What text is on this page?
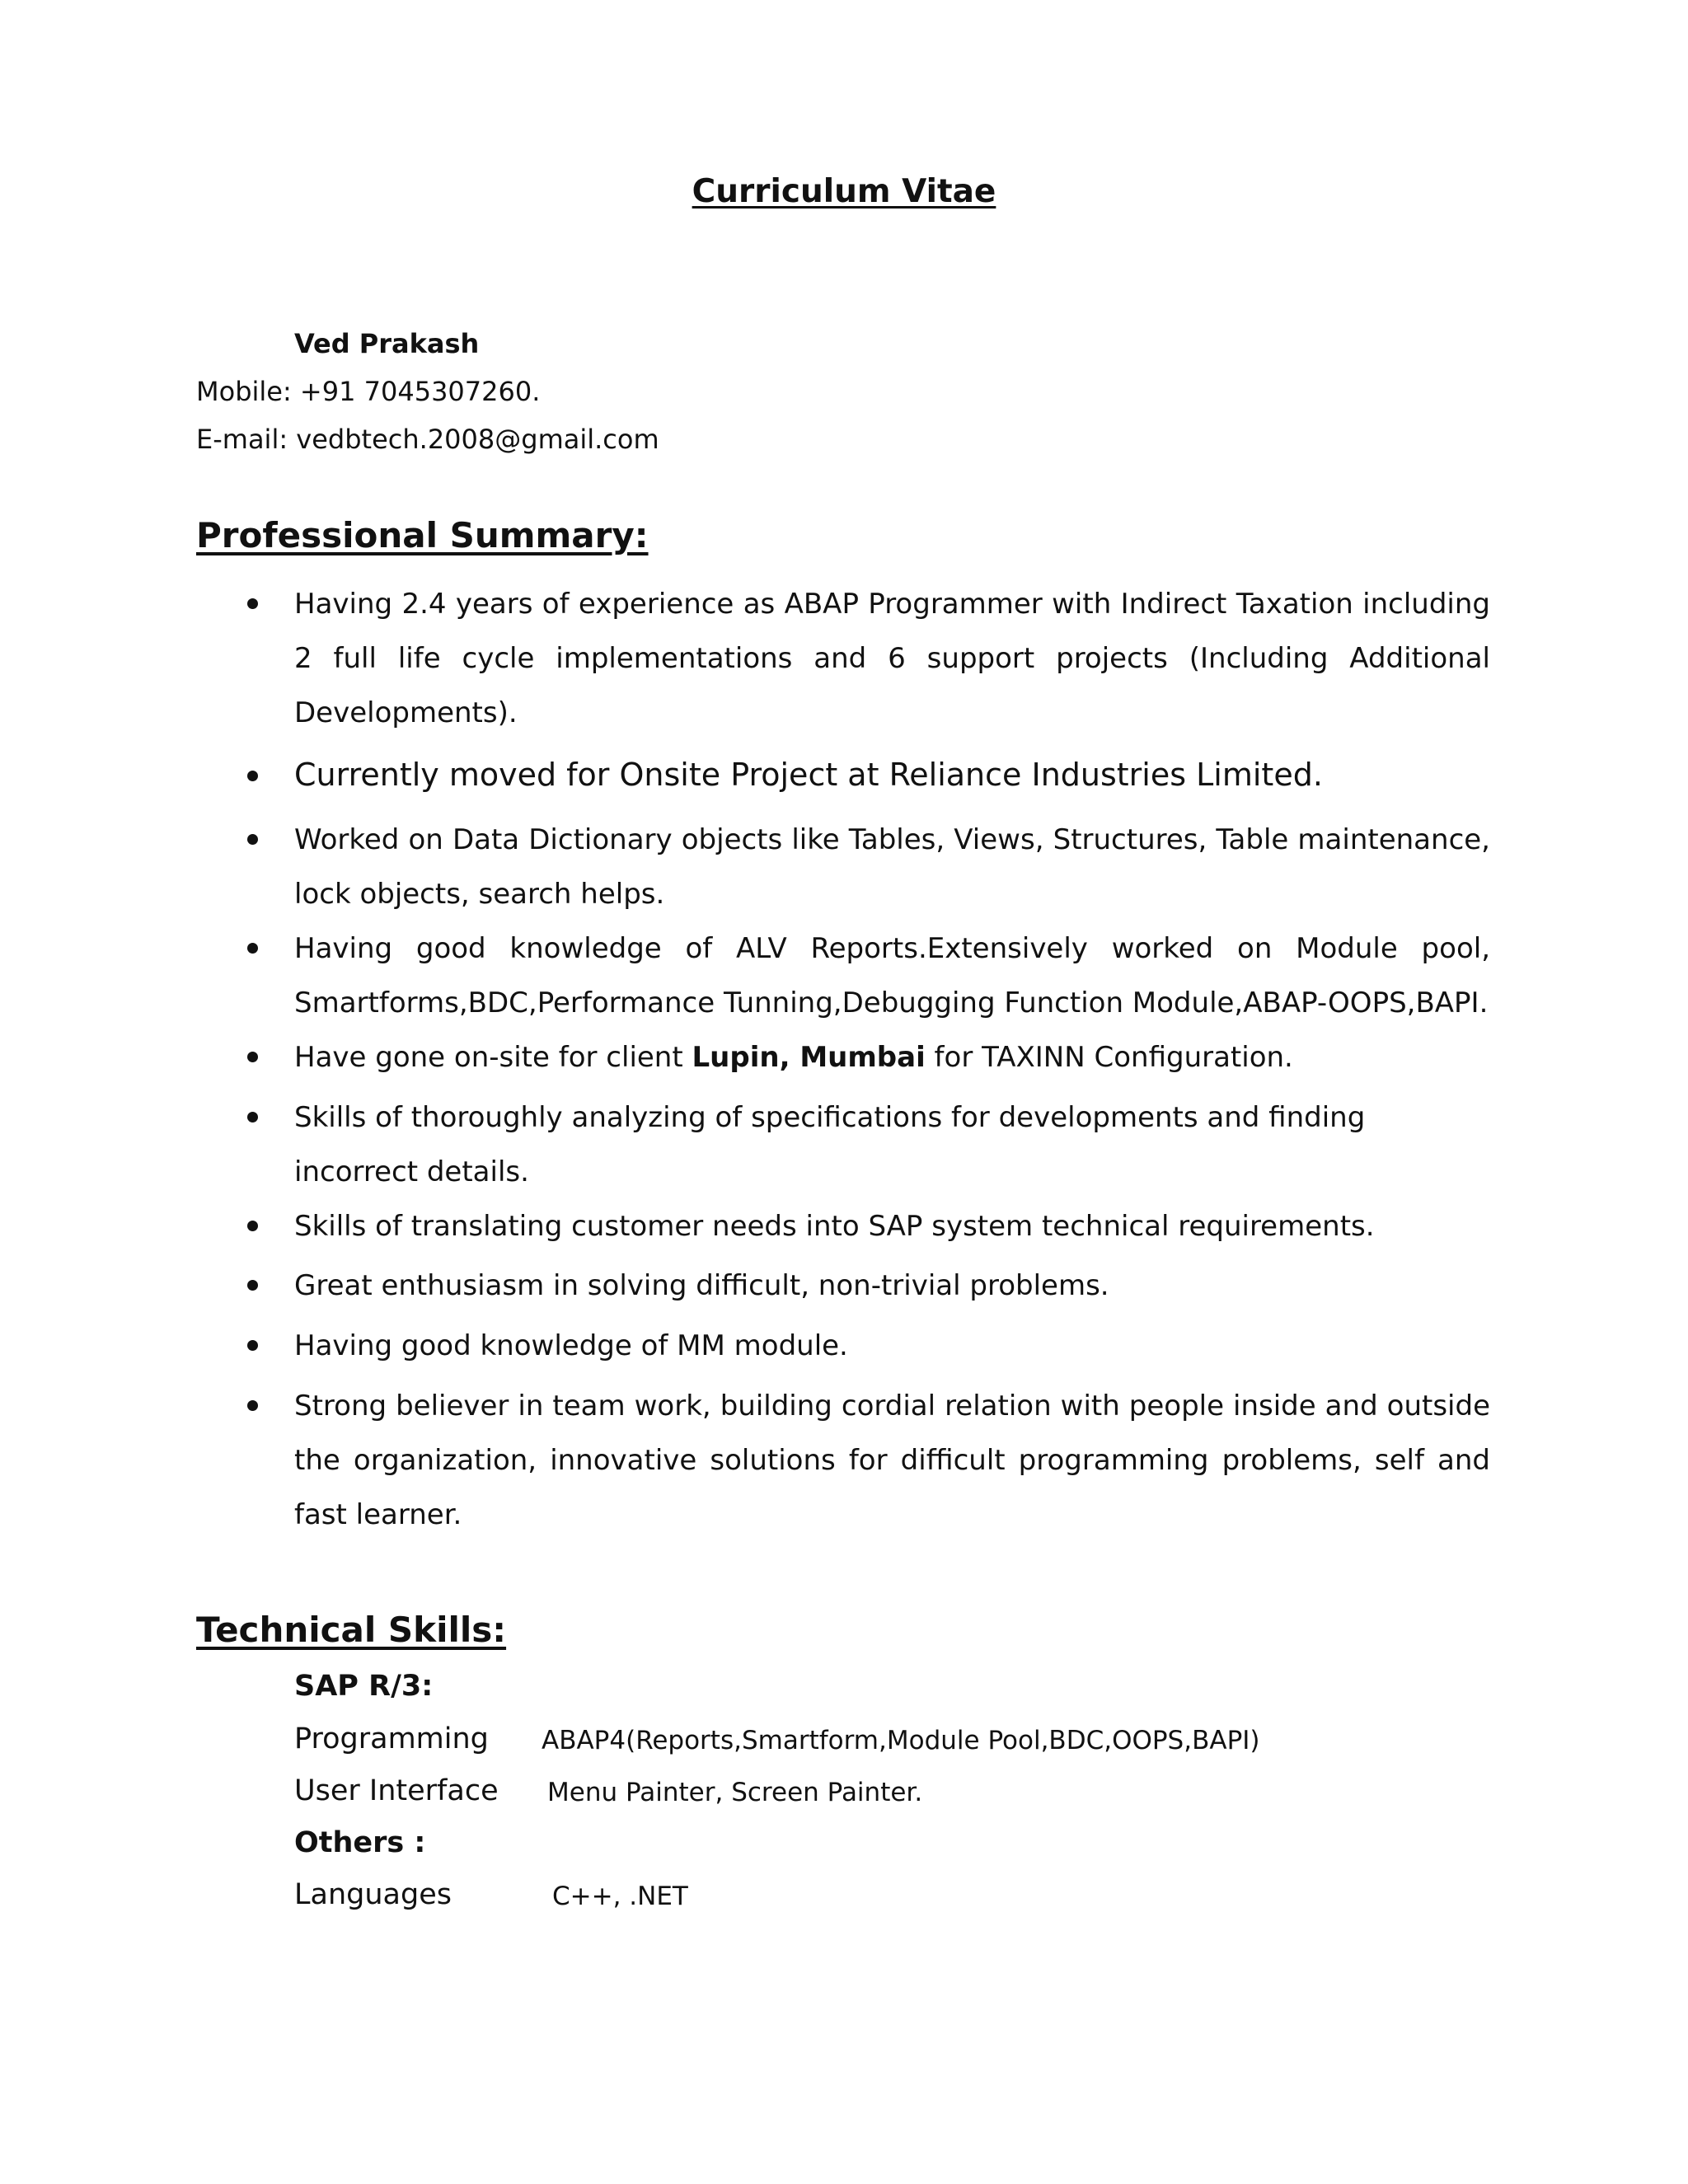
Curriculum Vitae
Ved Prakash
Mobile: +91 7045307260.
E-mail: vedbtech.2008@gmail.com
Professional Summary:
Having 2.4 years of experience as ABAP Programmer with Indirect Taxation including 2 full life cycle implementations and 6 support projects (Including Additional Developments).
Currently moved for Onsite Project at Reliance Industries Limited.
Worked on Data Dictionary objects like Tables, Views, Structures, Table maintenance, lock objects, search helps.
Having good knowledge of ALV Reports.Extensively worked on Module pool, Smartforms,BDC,Performance Tunning,Debugging Function Module,ABAP-OOPS,BAPI.
Have gone on-site for client Lupin, Mumbai for TAXINN Configuration.
Skills of thoroughly analyzing of specifications for developments and finding incorrect details.
Skills of translating customer needs into SAP system technical requirements.
Great enthusiasm in solving difficult, non-trivial problems.
Having good knowledge of MM module.
Strong believer in team work, building cordial relation with people inside and outside the organization, innovative solutions for difficult programming problems, self and fast learner.
Technical Skills:
SAP R/3:
Programming ABAP4(Reports,Smartform,Module Pool,BDC,OOPS,BAPI)
User Interface Menu Painter, Screen Painter.
Others :
Languages	C++, .NET
